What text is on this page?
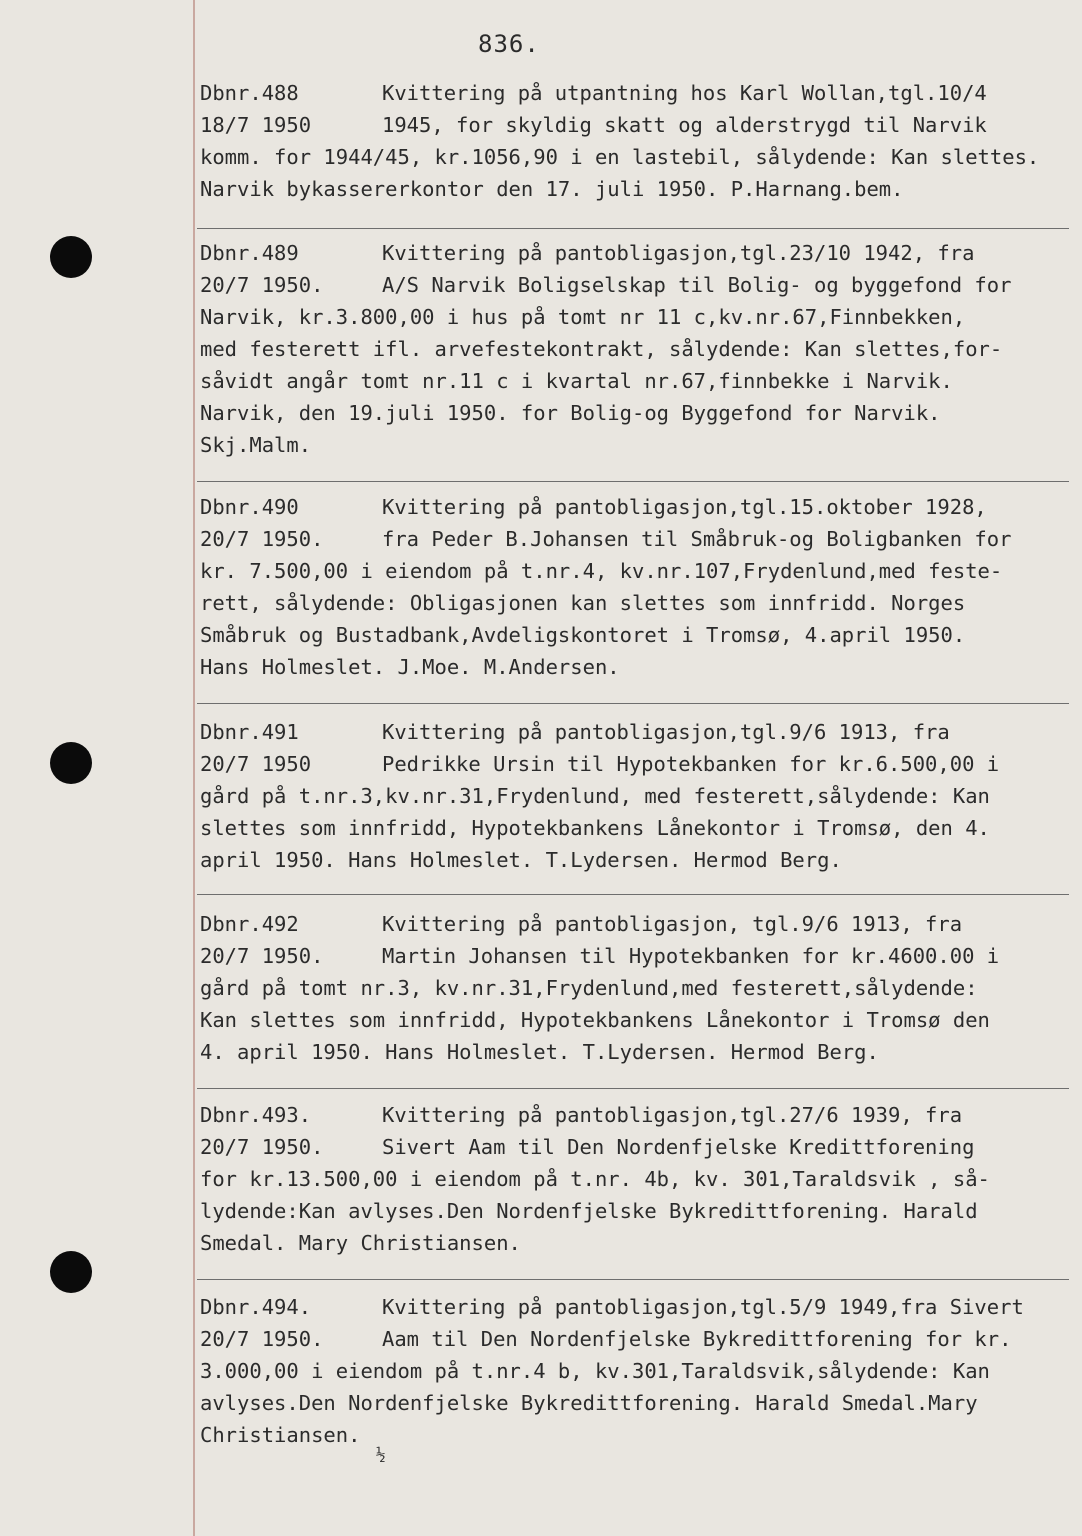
836.
Dbnr.488	Kvittering på utpantning hos Karl Wollan,tgl.10/4
18/7 1950	1945, for skyldig skatt og alderstrygd til Narvik
komm. for 1944/45, kr.1056,90 i en lastebil, sålydende: Kan slettes.
Narvik bykassererkontor den 17. juli 1950. P.Harnang.bem.
Dbnr.489	Kvittering på pantobligasjon,tgl.23/10 1942, fra
20/7 1950.	A/S Narvik Boligselskap til Bolig- og byggefond for
Narvik, kr.3.800,00 i hus på tomt nr 11 c,kv.nr.67,Finnbekken,
med festerett ifl. arvefestekontrakt, sålydende: Kan slettes,for-
såvidt angår tomt nr.11 c i kvartal nr.67,finnbekke i Narvik.
Narvik, den 19.juli 1950. for Bolig-og Byggefond for Narvik.
Skj.Malm.
Dbnr.490	Kvittering på pantobligasjon,tgl.15.oktober 1928,
20/7 1950.	fra Peder B.Johansen til Småbruk-og Boligbanken for
kr. 7.500,00 i eiendom på t.nr.4, kv.nr.107,Frydenlund,med feste-
rett, sålydende: Obligasjonen kan slettes som innfridd. Norges
Småbruk og Bustadbank,Avdeligskontoret i Tromsø, 4.april 1950.
Hans Holmeslet. J.Moe. M.Andersen.
Dbnr.491	Kvittering på pantobligasjon,tgl.9/6 1913, fra
20/7 1950	Pedrikke Ursin til Hypotekbanken for kr.6.500,00 i
gård på t.nr.3,kv.nr.31,Frydenlund, med festerett,sålydende: Kan
slettes som innfridd, Hypotekbankens Lånekontor i Tromsø, den 4.
april 1950. Hans Holmeslet. T.Lydersen. Hermod Berg.
Dbnr.492	Kvittering på pantobligasjon, tgl.9/6 1913, fra
20/7 1950.	Martin Johansen til Hypotekbanken for kr.4600.00 i
gård på tomt nr.3, kv.nr.31,Frydenlund,med festerett,sålydende:
Kan slettes som innfridd, Hypotekbankens Lånekontor i Tromsø den
4. april 1950. Hans Holmeslet. T.Lydersen. Hermod Berg.
Dbnr.493.	Kvittering på pantobligasjon,tgl.27/6 1939, fra
20/7 1950.	Sivert Aam til Den Nordenfjelske Kredittforening
for kr.13.500,00 i eiendom på t.nr. 4b, kv. 301,Taraldsvik , så-
lydende:Kan avlyses.Den Nordenfjelske Bykredittforening. Harald
Smedal. Mary Christiansen.
Dbnr.494.	Kvittering på pantobligasjon,tgl.5/9 1949,fra Sivert
20/7 1950.	Aam til Den Nordenfjelske Bykredittforening for kr.
3.000,00 i eiendom på t.nr.4 b, kv.301,Taraldsvik,sålydende: Kan
avlyses.Den Nordenfjelske Bykredittforening. Harald Smedal.Mary
Christiansen.
½
